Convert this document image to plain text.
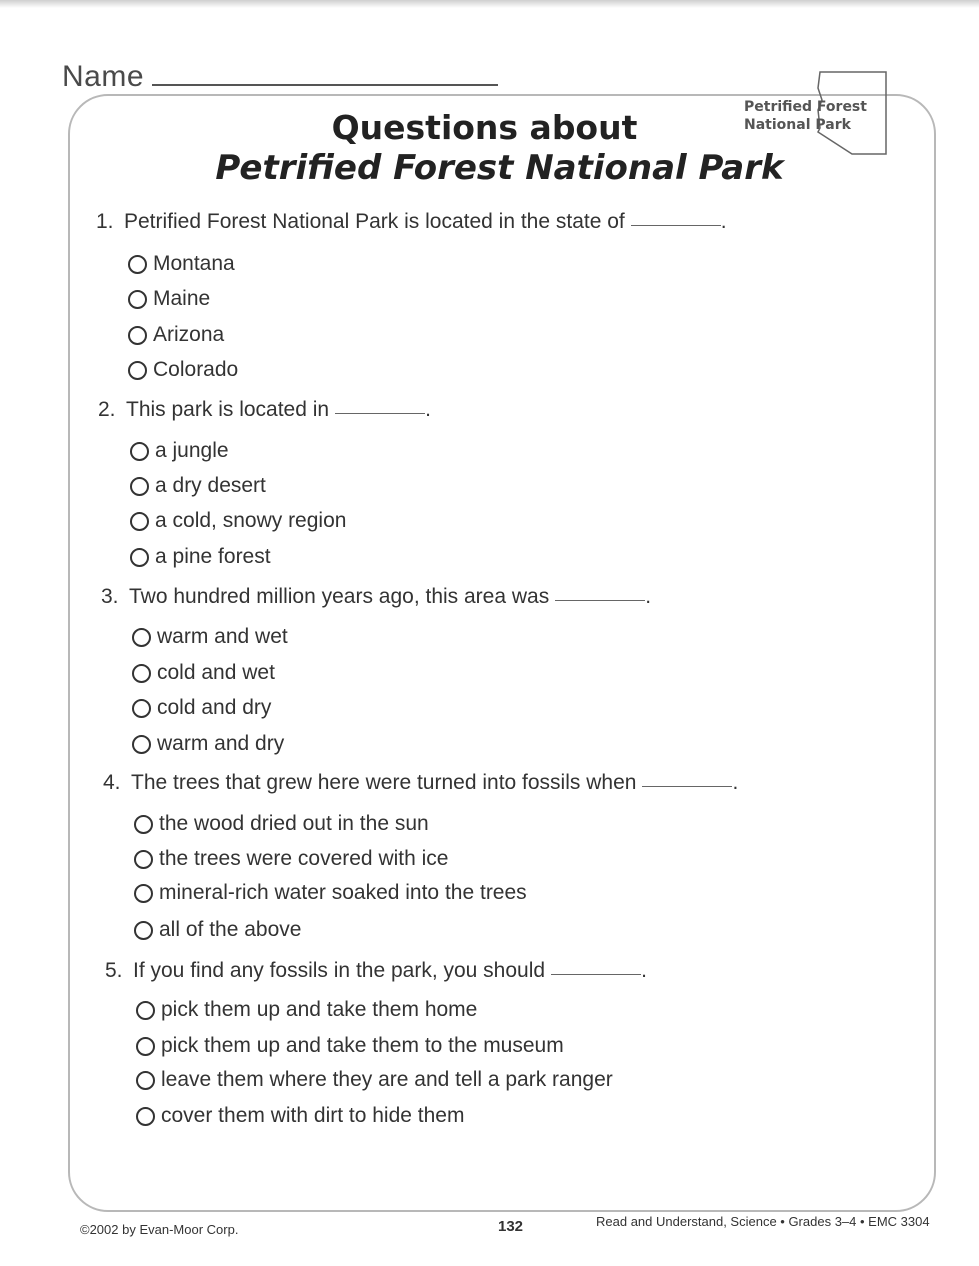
Name
Petrified Forest
National Park
Questions about
Petrified Forest National Park
1. Petrified Forest National Park is located in the state of	.
Montana
Maine
Arizona
Colorado
2. This park is located in	.
a jungle
a dry desert
a cold, snowy region
a pine forest
3. Two hundred million years ago, this area was	.
warm and wet
cold and wet
cold and dry
warm and dry
4. The trees that grew here were turned into fossils when	.
the wood dried out in the sun
the trees were covered with ice
mineral-rich water soaked into the trees
all of the above
5. If you find any fossils in the park, you should	.
pick them up and take them home
pick them up and take them to the museum
leave them where they are and tell a park ranger
cover them with dirt to hide them
©2002 by Evan-Moor Corp.	132	Read and Understand, Science • Grades 3–4 • EMC 3304
